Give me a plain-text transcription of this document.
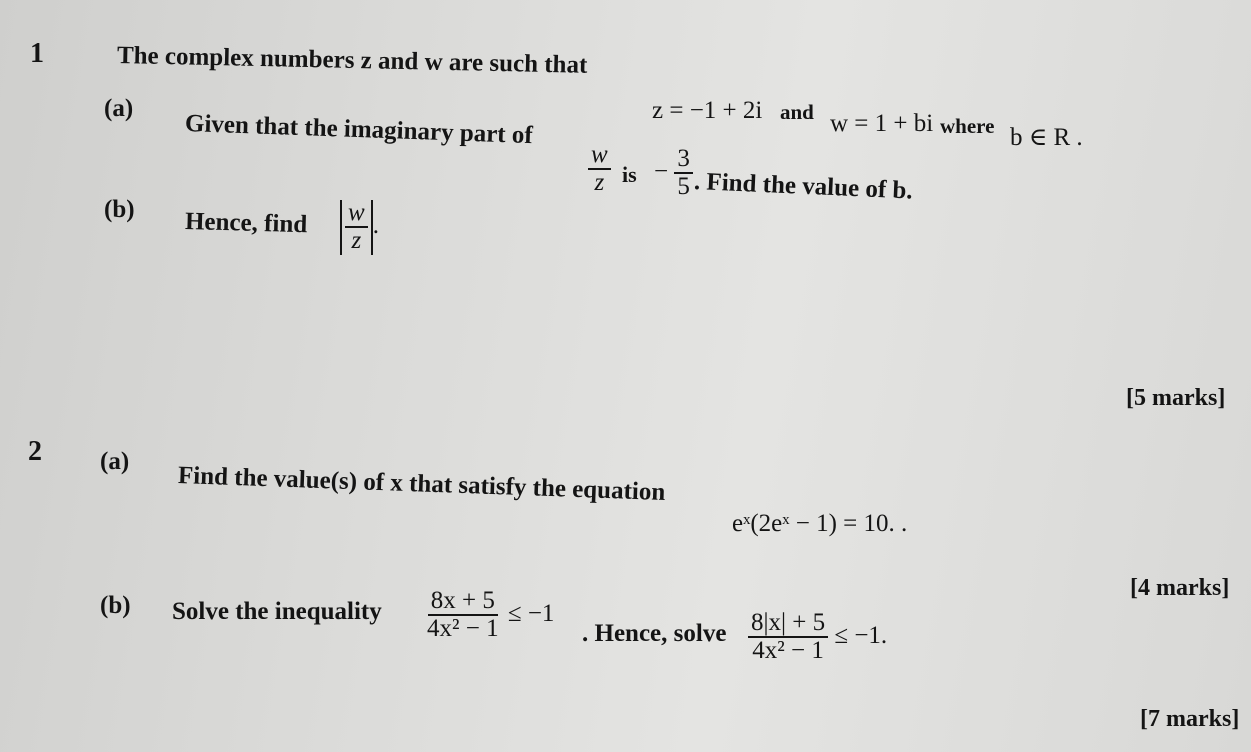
1	The complex numbers z and w are such that
z = −1 + 2i and w = 1 + bi where b ∈ R .
(a)
Given that the imaginary part of
$\frac{w}{z}$ is − $\frac{3}{5}$ . Find the value of b.
(b) Hence, find $\frac{w}{z}$ .
[5 marks]
2 (a)
Find the value(s) of x that satisfy the equation
eˣ(2eˣ − 1) = 10. .
[4 marks]
(b) Solve the inequality $\frac{8x + 5}{\text{4x² − 1}} \le -1$
. Hence, solve $\frac{8|x| + 5}{\text{4x² − 1}} \le -1$.
[7 marks]
